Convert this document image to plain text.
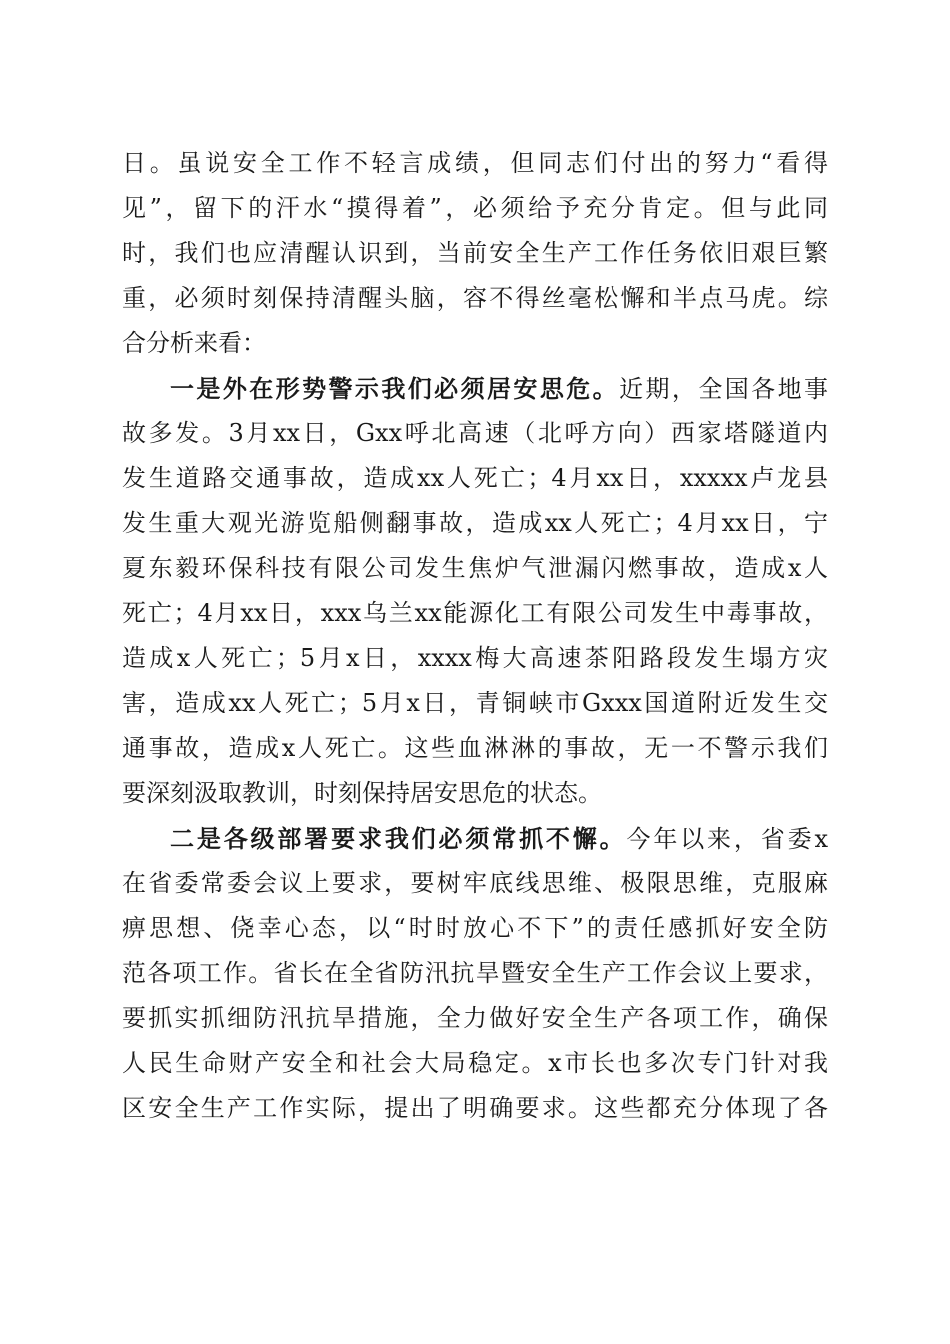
日。虽说安全工作不轻言成绩，但同志们付出的努力“看得
见”，留下的汗水“摸得着”，必须给予充分肯定。但与此同
时，我们也应清醒认识到，当前安全生产工作任务依旧艰巨繁
重，必须时刻保持清醒头脑，容不得丝毫松懈和半点马虎。综
合分析来看：
一是外在形势警示我们必须居安思危。近期，全国各地事
故多发。3月xx日，Gxx呼北高速（北呼方向）西家塔隧道内
发生道路交通事故，造成xx人死亡；4月xx日，xxxxx卢龙县
发生重大观光游览船侧翻事故，造成xx人死亡；4月xx日，宁
夏东毅环保科技有限公司发生焦炉气泄漏闪燃事故，造成x人
死亡；4月xx日，xxx乌兰xx能源化工有限公司发生中毒事故，
造成x人死亡；5月x日，xxxx梅大高速茶阳路段发生塌方灾
害，造成xx人死亡；5月x日，青铜峡市Gxxx国道附近发生交
通事故，造成x人死亡。这些血淋淋的事故，无一不警示我们
要深刻汲取教训，时刻保持居安思危的状态。
二是各级部署要求我们必须常抓不懈。今年以来，省委x
在省委常委会议上要求，要树牢底线思维、极限思维，克服麻
痹思想、侥幸心态，以“时时放心不下”的责任感抓好安全防
范各项工作。省长在全省防汛抗旱暨安全生产工作会议上要求，
要抓实抓细防汛抗旱措施，全力做好安全生产各项工作，确保
人民生命财产安全和社会大局稳定。x市长也多次专门针对我
区安全生产工作实际，提出了明确要求。这些都充分体现了各
